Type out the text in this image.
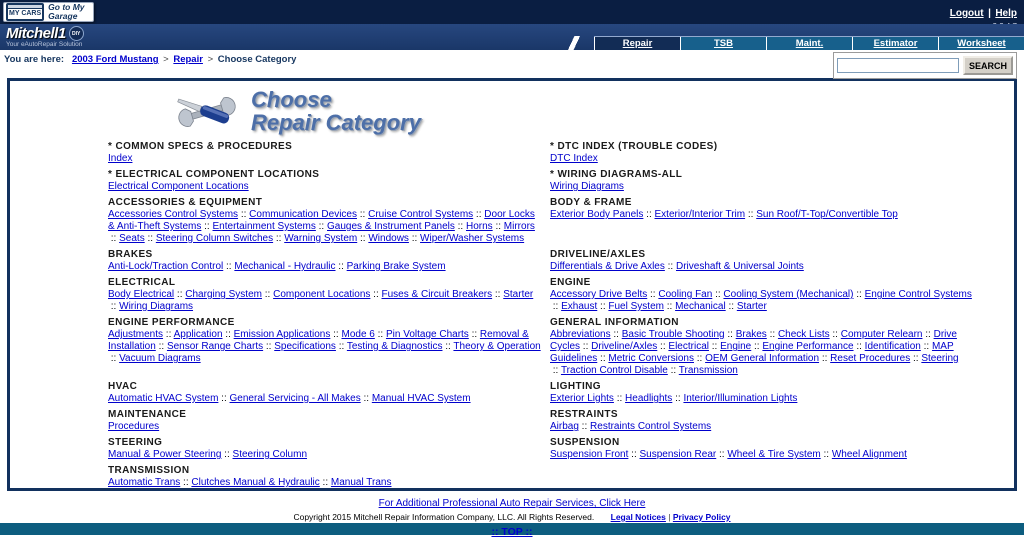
MY CARS
Go to My Garage	Logout | Help
Mitchell1	DIY
Your eAutoRepair Solution	Repair	TSB	Maint.	Estimator	Worksheet
You are here: 2003 Ford Mustang > Repair > Choose Category
SEARCH
Choose
Repair Category
* COMMON SPECS & PROCEDURES
Index
* ELECTRICAL COMPONENT LOCATIONS
Electrical Component Locations
ACCESSORIES & EQUIPMENT
Accessories Control Systems :: Communication Devices :: Cruise Control Systems :: Door Locks & Anti-Theft Systems :: Entertainment Systems :: Gauges & Instrument Panels :: Horns :: Mirrors :: Seats :: Steering Column Switches :: Warning System :: Windows :: Wiper/Washer Systems
BRAKES
Anti-Lock/Traction Control :: Mechanical - Hydraulic :: Parking Brake System
ELECTRICAL
Body Electrical :: Charging System :: Component Locations :: Fuses & Circuit Breakers :: Starter :: Wiring Diagrams
ENGINE PERFORMANCE
Adjustments :: Application :: Emission Applications :: Mode 6 :: Pin Voltage Charts :: Removal & Installation :: Sensor Range Charts :: Specifications :: Testing & Diagnostics :: Theory & Operation :: Vacuum Diagrams
HVAC
Automatic HVAC System :: General Servicing - All Makes :: Manual HVAC System
MAINTENANCE
Procedures
STEERING
Manual & Power Steering :: Steering Column
TRANSMISSION
Automatic Trans :: Clutches Manual & Hydraulic :: Manual Trans
* DTC INDEX (TROUBLE CODES)
DTC Index
* WIRING DIAGRAMS-ALL
Wiring Diagrams
BODY & FRAME
Exterior Body Panels :: Exterior/Interior Trim :: Sun Roof/T-Top/Convertible Top
DRIVELINE/AXLES
Differentials & Drive Axles :: Driveshaft & Universal Joints
ENGINE
Accessory Drive Belts :: Cooling Fan :: Cooling System (Mechanical) :: Engine Control Systems :: Exhaust :: Fuel System :: Mechanical :: Starter
GENERAL INFORMATION
Abbreviations :: Basic Trouble Shooting :: Brakes :: Check Lists :: Computer Relearn :: Drive Cycles :: Driveline/Axles :: Electrical :: Engine :: Engine Performance :: Identification :: MAP Guidelines :: Metric Conversions :: OEM General Information :: Reset Procedures :: Steering :: Traction Control Disable :: Transmission
LIGHTING
Exterior Lights :: Headlights :: Interior/Illumination Lights
RESTRAINTS
Airbag :: Restraints Control Systems
SUSPENSION
Suspension Front :: Suspension Rear :: Wheel & Tire System :: Wheel Alignment
For Additional Professional Auto Repair Services, Click Here
Copyright 2015 Mitchell Repair Information Company, LLC. All Rights Reserved. Legal Notices | Privacy Policy
:: TOP ::
